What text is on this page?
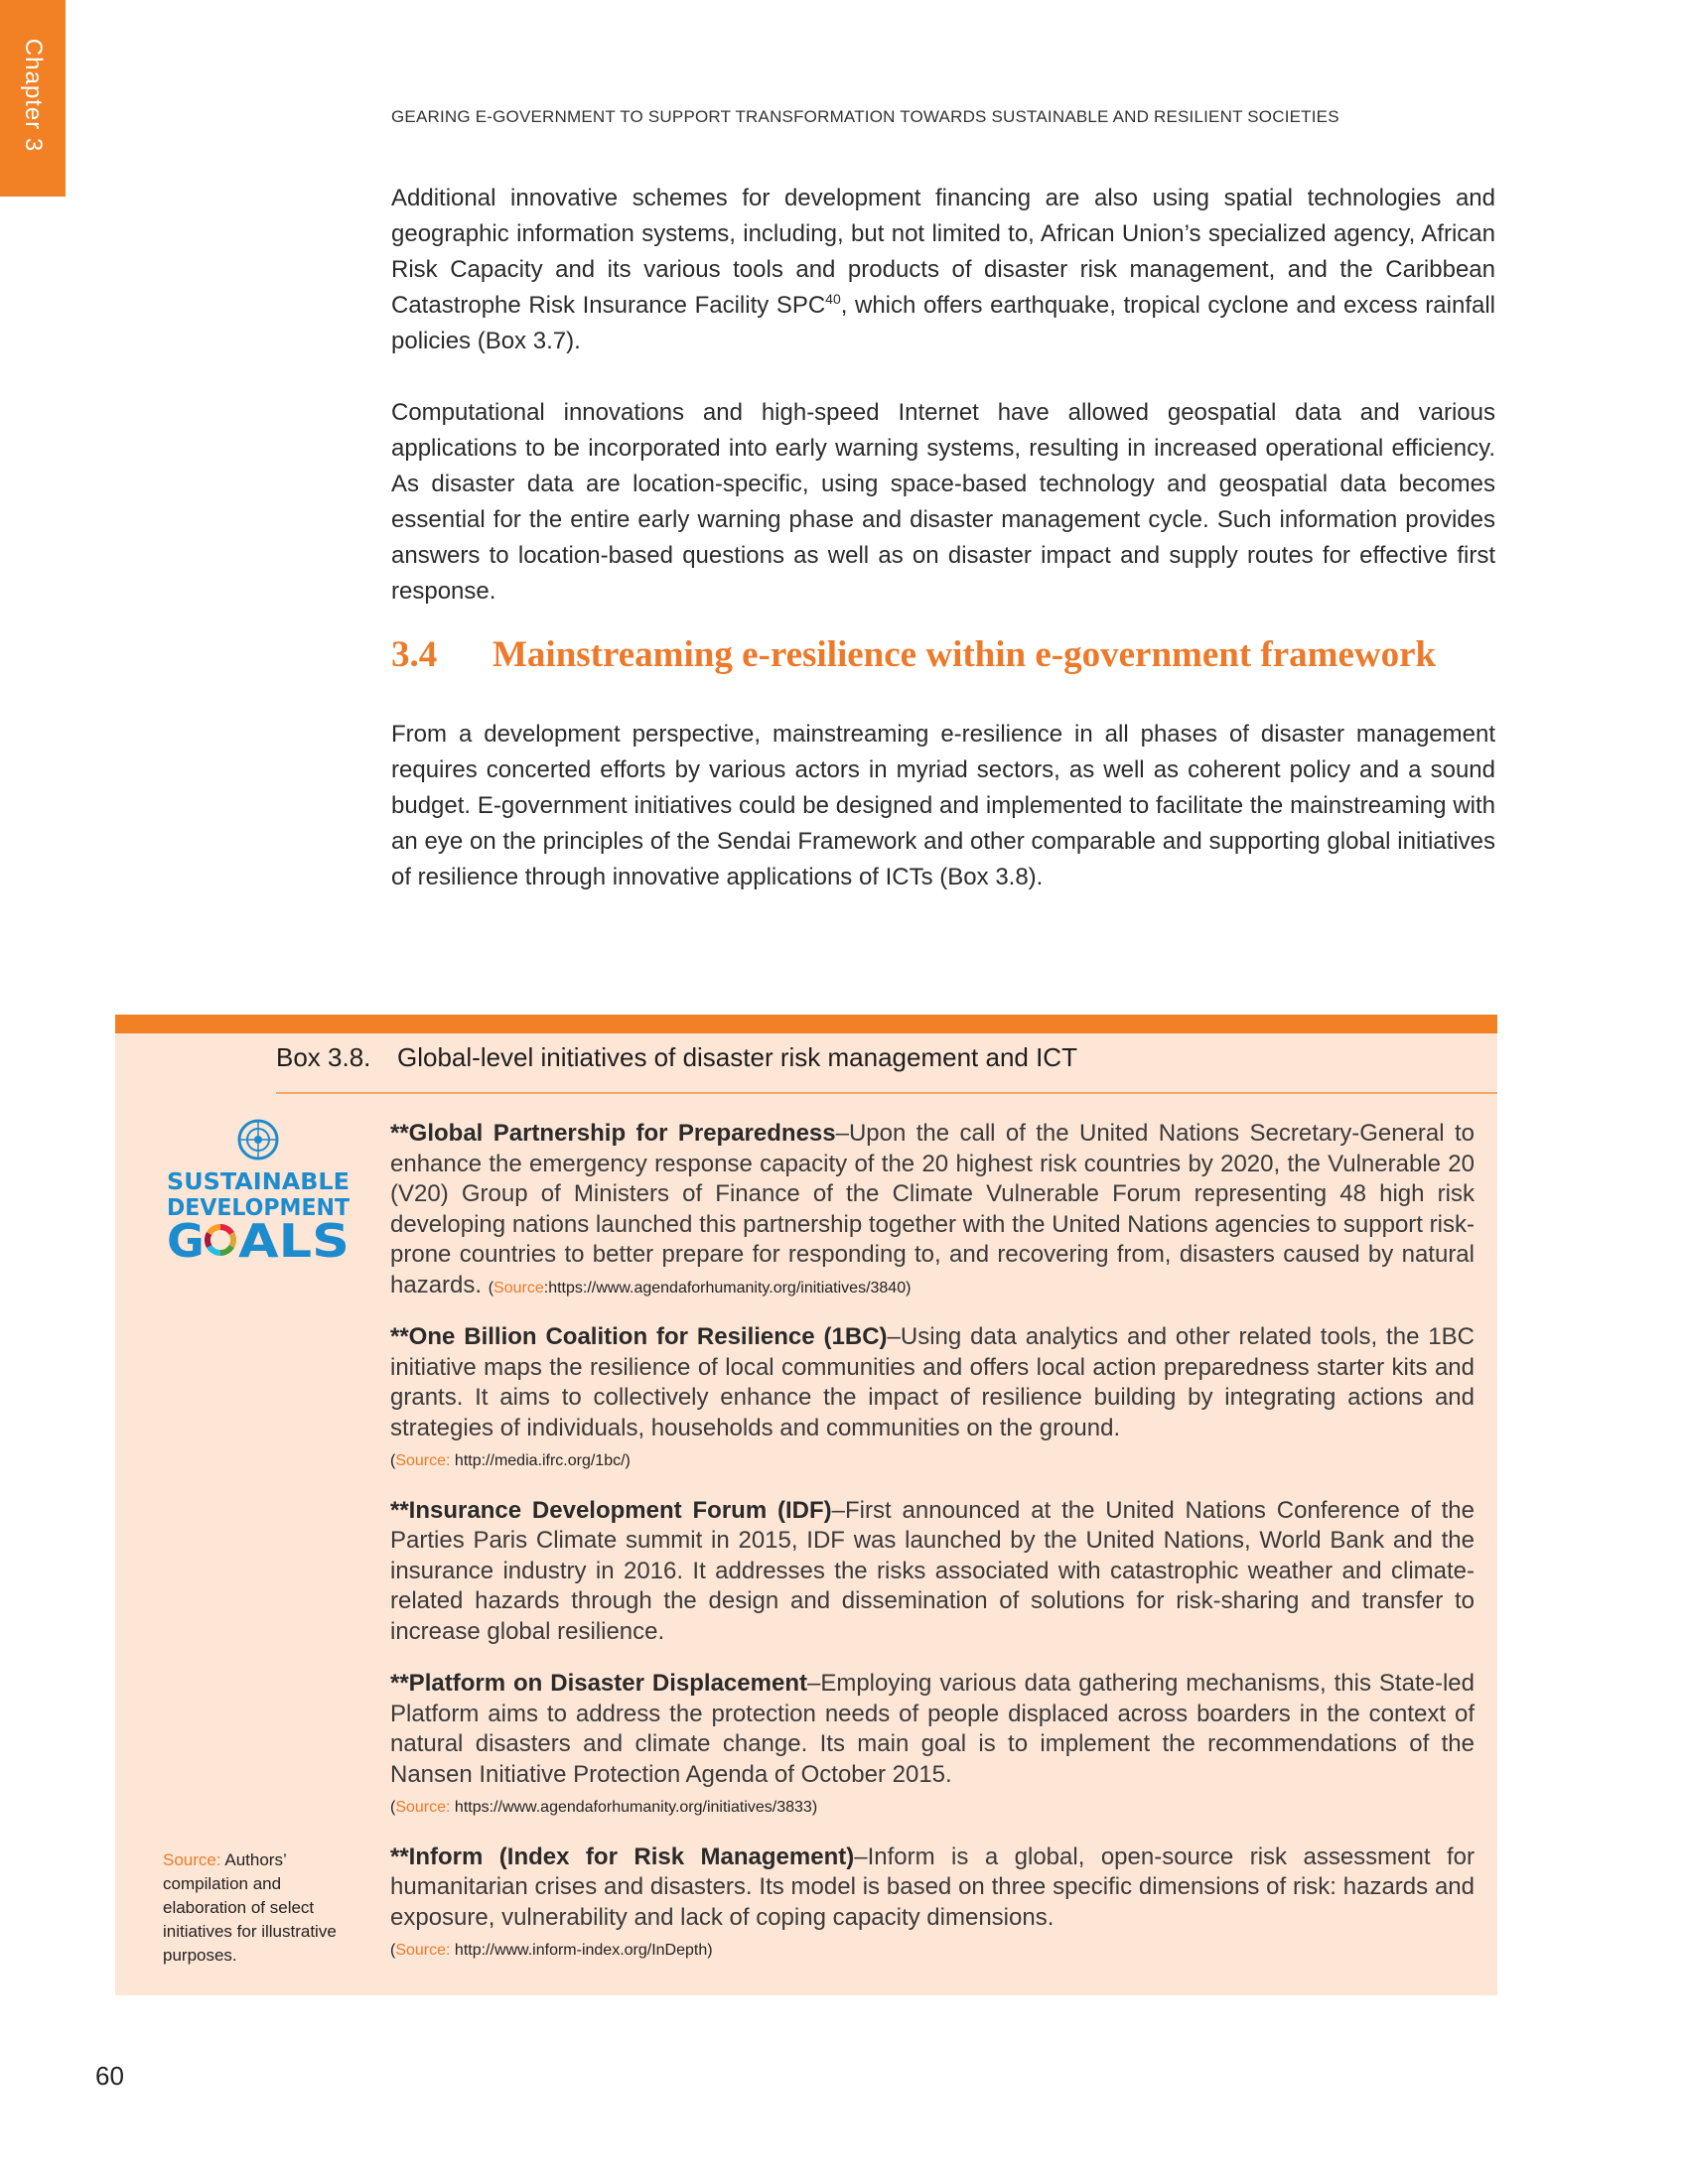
Chapter 3	GEARING E-GOVERNMENT TO SUPPORT TRANSFORMATION TOWARDS SUSTAINABLE AND RESILIENT SOCIETIES

Additional innovative schemes for development financing are also using spatial technologies and geographic information systems, including, but not limited to, African Union’s specialized agency, African Risk Capacity and its various tools and products of disaster risk management, and the Caribbean Catastrophe Risk Insurance Facility SPC$^{40}$, which offers earthquake, tropical cyclone and excess rainfall policies (Box 3.7).

Computational innovations and high-speed Internet have allowed geospatial data and various applications to be incorporated into early warning systems, resulting in increased operational efficiency. As disaster data are location-specific, using space-based technology and geospatial data becomes essential for the entire early warning phase and disaster management cycle. Such information provides answers to location-based questions as well as on disaster impact and supply routes for effective first response.

3.4 Mainstreaming e-resilience within e-government framework

From a development perspective, mainstreaming e-resilience in all phases of disaster management requires concerted efforts by various actors in myriad sectors, as well as coherent policy and a sound budget. E-government initiatives could be designed and implemented to facilitate the mainstreaming with an eye on the principles of the Sendai Framework and other comparable and supporting global initiatives of resilience through innovative applications of ICTs (Box 3.8).

Box 3.8. Global-level initiatives of disaster risk management and ICT
SUSTAINABLE
DEVELOPMENT
G ALS
Source: Authors’ compilation and elaboration of select initiatives for illustrative purposes.

**Global Partnership for Preparedness–Upon the call of the United Nations Secretary-General to enhance the emergency response capacity of the 20 highest risk countries by 2020, the Vulnerable 20 (V20) Group of Ministers of Finance of the Climate Vulnerable Forum representing 48 high risk developing nations launched this partnership together with the United Nations agencies to support risk-prone countries to better prepare for responding to, and recovering from, disasters caused by natural hazards. (Source:https://www.agendaforhumanity.org/initiatives/3840)

**One Billion Coalition for Resilience (1BC)–Using data analytics and other related tools, the 1BC initiative maps the resilience of local communities and offers local action preparedness starter kits and grants. It aims to collectively enhance the impact of resilience building by integrating actions and strategies of individuals, households and communities on the ground.
(Source: http://media.ifrc.org/1bc/)

**Insurance Development Forum (IDF)–First announced at the United Nations Conference of the Parties Paris Climate summit in 2015, IDF was launched by the United Nations, World Bank and the insurance industry in 2016. It addresses the risks associated with catastrophic weather and climate-related hazards through the design and dissemination of solutions for risk-sharing and transfer to increase global resilience.

**Platform on Disaster Displacement–Employing various data gathering mechanisms, this State-led Platform aims to address the protection needs of people displaced across boarders in the context of natural disasters and climate change. Its main goal is to implement the recommendations of the Nansen Initiative Protection Agenda of October 2015.
(Source: https://www.agendaforhumanity.org/initiatives/3833)

**Inform (Index for Risk Management)–Inform is a global, open-source risk assessment for humanitarian crises and disasters. Its model is based on three specific dimensions of risk: hazards and exposure, vulnerability and lack of coping capacity dimensions.
(Source: http://www.inform-index.org/InDepth)

60
